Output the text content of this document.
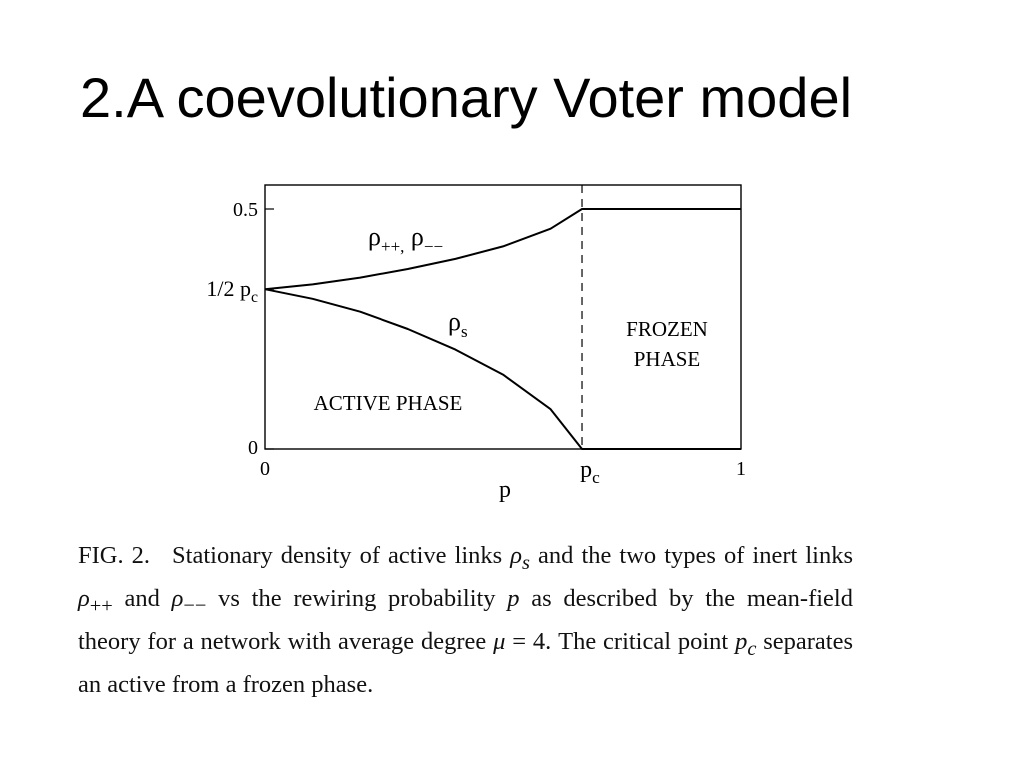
2.A coevolutionary Voter model
0
1/2 $p_c$
0.5
0	$p_c$	1
p
$\rho_{++,}$ $\rho_{--}$
$\rho_s$
ACTIVE PHASE
FROZEN
PHASE

FIG. 2. Stationary density of active links $\rho_s$ and the two types of inert links $\rho_{++}$ and $\rho_{--}$ vs the rewiring probability p as described by the mean-field theory for a network with average degree μ = 4. The critical point $p_c$ separates an active from a frozen phase.
